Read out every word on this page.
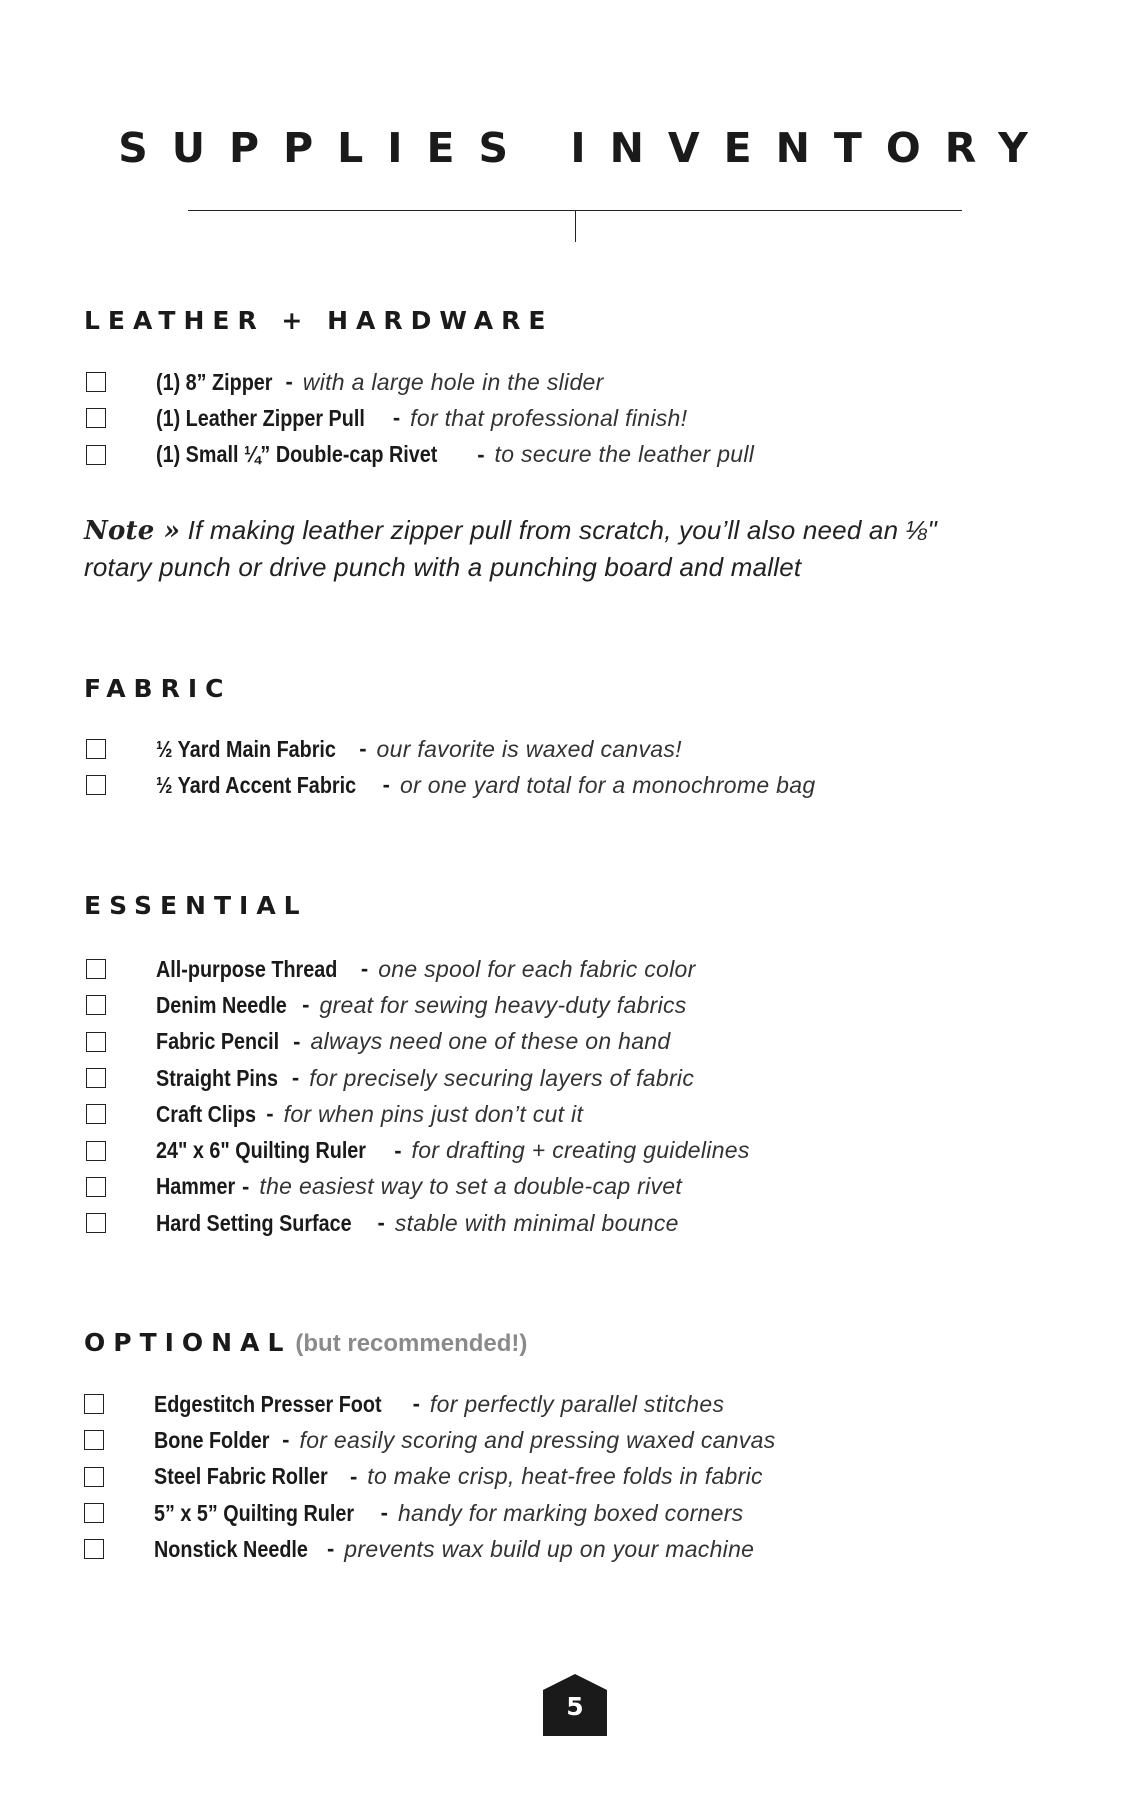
SUPPLIES INVENTORY
LEATHER + HARDWARE
(1) 8” Zipper - with a large hole in the slider
(1) Leather Zipper Pull - for that professional finish!
(1) Small ¼” Double-cap Rivet - to secure the leather pull

Note » If making leather zipper pull from scratch, you’ll also need an ⅛" rotary punch or drive punch with a punching board and mallet

FABRIC
½ Yard Main Fabric - our favorite is waxed canvas!
½ Yard Accent Fabric - or one yard total for a monochrome bag
ESSENTIAL
All-purpose Thread - one spool for each fabric color
Denim Needle - great for sewing heavy-duty fabrics
Fabric Pencil - always need one of these on hand
Straight Pins - for precisely securing layers of fabric
Craft Clips - for when pins just don’t cut it
24" x 6" Quilting Ruler - for drafting + creating guidelines
Hammer - the easiest way to set a double-cap rivet
Hard Setting Surface - stable with minimal bounce
OPTIONAL (but recommended!)
Edgestitch Presser Foot - for perfectly parallel stitches
Bone Folder - for easily scoring and pressing waxed canvas
Steel Fabric Roller - to make crisp, heat-free folds in fabric
5” x 5” Quilting Ruler - handy for marking boxed corners
Nonstick Needle - prevents wax build up on your machine
5
